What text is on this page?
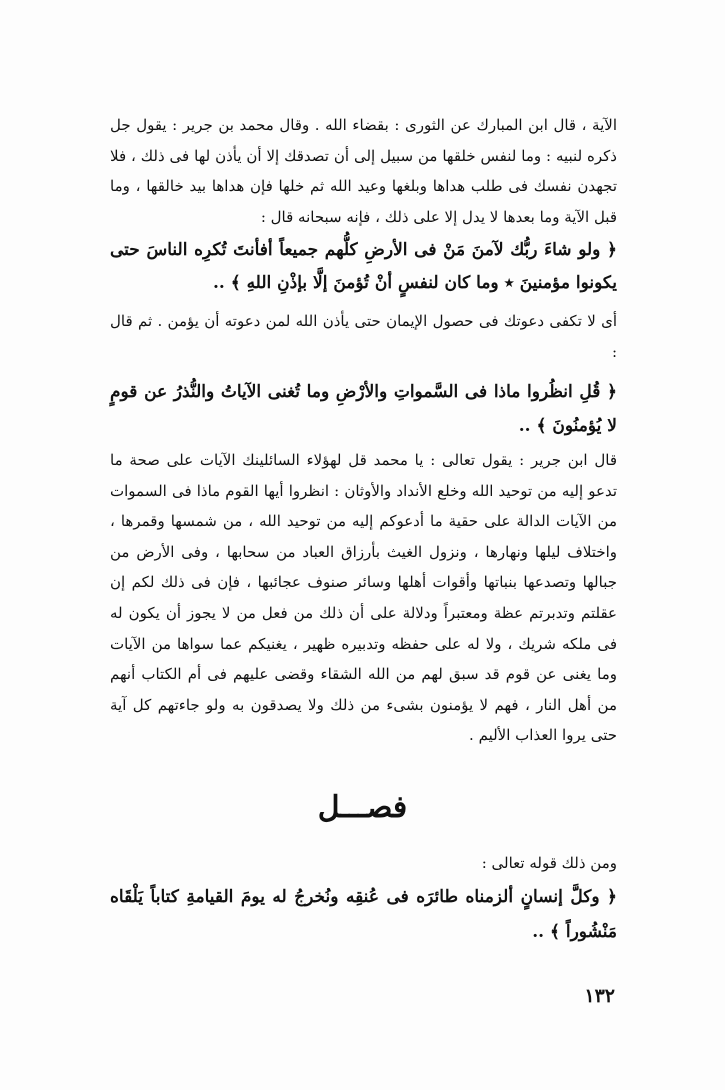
الآية ، قال ابن المبارك عن الثورى : بقضاء الله . وقال محمد بن جرير : يقول جل ذكره لنبيه : وما لنفس خلقها من سبيل إلى أن تصدقك إلا أن يأذن لها فى ذلك ، فلا تجهدن نفسك فى طلب هداها وبلغها وعيد الله ثم خلها فإن هداها بيد خالقها ، وما قبل الآية وما بعدها لا يدل إلا على ذلك ، فإنه سبحانه قال :
﴿ ولو شاءَ ربُّك لآمنَ مَنْ فى الأرضِ كلُّهم جميعاً أفأنتَ تُكرِه الناسَ حتى يكونوا مؤمنينَ ٭ وما كان لنفسٍ أنْ تُؤمنَ إلَّا بإذْنِ اللهِ ﴾ ..
أى لا تكفى دعوتك فى حصول الإيمان حتى يأذن الله لمن دعوته أن يؤمن . ثم قال :
﴿ قُلِ انظُروا ماذا فى السَّمواتِ والأرْضِ وما تُغنى الآياتُ والنُّذرُ عن قومٍ لا يُؤمنُونَ ﴾ ..
قال ابن جرير : يقول تعالى : يا محمد قل لهؤلاء السائلينك الآيات على صحة ما تدعو إليه من توحيد الله وخلع الأنداد والأوثان : انظروا أيها القوم ماذا فى السموات من الآيات الدالة على حقية ما أدعوكم إليه من توحيد الله ، من شمسها وقمرها ، واختلاف ليلها ونهارها ، ونزول الغيث بأرزاق العباد من سحابها ، وفى الأرض من جبالها وتصدعها بنباتها وأقوات أهلها وسائر صنوف عجائبها ، فإن فى ذلك لكم إن عقلتم وتدبرتم عظة ومعتبراً ودلالة على أن ذلك من فعل من لا يجوز أن يكون له فى ملكه شريك ، ولا له على حفظه وتدبيره ظهير ، يغنيكم عما سواها من الآيات وما يغنى عن قوم قد سبق لهم من الله الشقاء وقضى عليهم فى أم الكتاب أنهم من أهل النار ، فهم لا يؤمنون بشىء من ذلك ولا يصدقون به ولو جاءتهم كل آية حتى يروا العذاب الأليم .
فصـــل
ومن ذلك قوله تعالى :
﴿ وكلَّ إنسانٍ ألزمناه طائرَه فى عُنقِه ونُخرجُ له يومَ القيامةِ كتاباً يَلْقَاه مَنْشُوراً ﴾ ..
١٣٢
